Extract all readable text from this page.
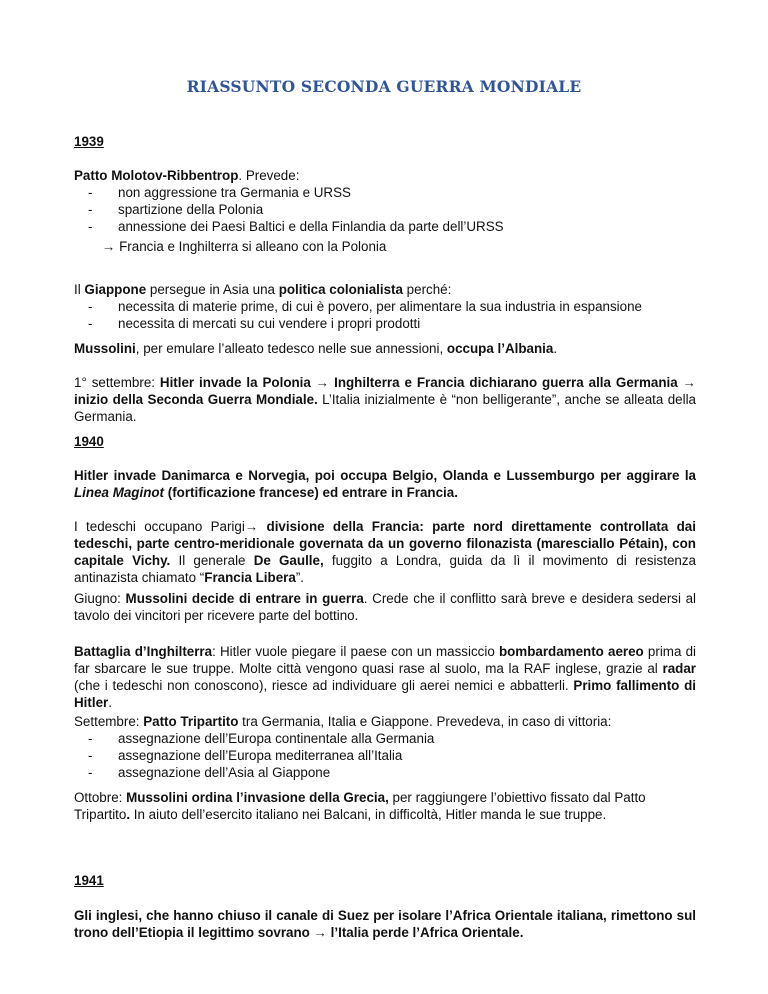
RIASSUNTO SECONDA GUERRA MONDIALE
1939
Patto Molotov-Ribbentrop. Prevede:
- non aggressione tra Germania e URSS
- spartizione della Polonia
- annessione dei Paesi Baltici e della Finlandia da parte dell’URSS
→ Francia e Inghilterra si alleano con la Polonia
Il Giappone persegue in Asia una politica colonialista perché:
- necessita di materie prime, di cui è povero, per alimentare la sua industria in espansione
- necessita di mercati su cui vendere i propri prodotti
Mussolini, per emulare l’alleato tedesco nelle sue annessioni, occupa l’Albania.
1° settembre: Hitler invade la Polonia → Inghilterra e Francia dichiarano guerra alla Germania → inizio della Seconda Guerra Mondiale. L’Italia inizialmente è “non belligerante”, anche se alleata della Germania.
1940
Hitler invade Danimarca e Norvegia, poi occupa Belgio, Olanda e Lussemburgo per aggirare la Linea Maginot (fortificazione francese) ed entrare in Francia.
I tedeschi occupano Parigi→ divisione della Francia: parte nord direttamente controllata dai tedeschi, parte centro-meridionale governata da un governo filonazista (maresciallo Pétain), con capitale Vichy. Il generale De Gaulle, fuggito a Londra, guida da lì il movimento di resistenza antinazista chiamato “Francia Libera”.
Giugno: Mussolini decide di entrare in guerra. Crede che il conflitto sarà breve e desidera sedersi al tavolo dei vincitori per ricevere parte del bottino.
Battaglia d’Inghilterra: Hitler vuole piegare il paese con un massiccio bombardamento aereo prima di far sbarcare le sue truppe. Molte città vengono quasi rase al suolo, ma la RAF inglese, grazie al radar (che i tedeschi non conoscono), riesce ad individuare gli aerei nemici e abbatterli. Primo fallimento di Hitler.
Settembre: Patto Tripartito tra Germania, Italia e Giappone. Prevedeva, in caso di vittoria:
- assegnazione dell’Europa continentale alla Germania
- assegnazione dell’Europa mediterranea all’Italia
- assegnazione dell’Asia al Giappone
Ottobre: Mussolini ordina l’invasione della Grecia, per raggiungere l’obiettivo fissato dal Patto Tripartito. In aiuto dell’esercito italiano nei Balcani, in difficoltà, Hitler manda le sue truppe.
1941
Gli inglesi, che hanno chiuso il canale di Suez per isolare l’Africa Orientale italiana, rimettono sul trono dell’Etiopia il legittimo sovrano → l’Italia perde l’Africa Orientale.
